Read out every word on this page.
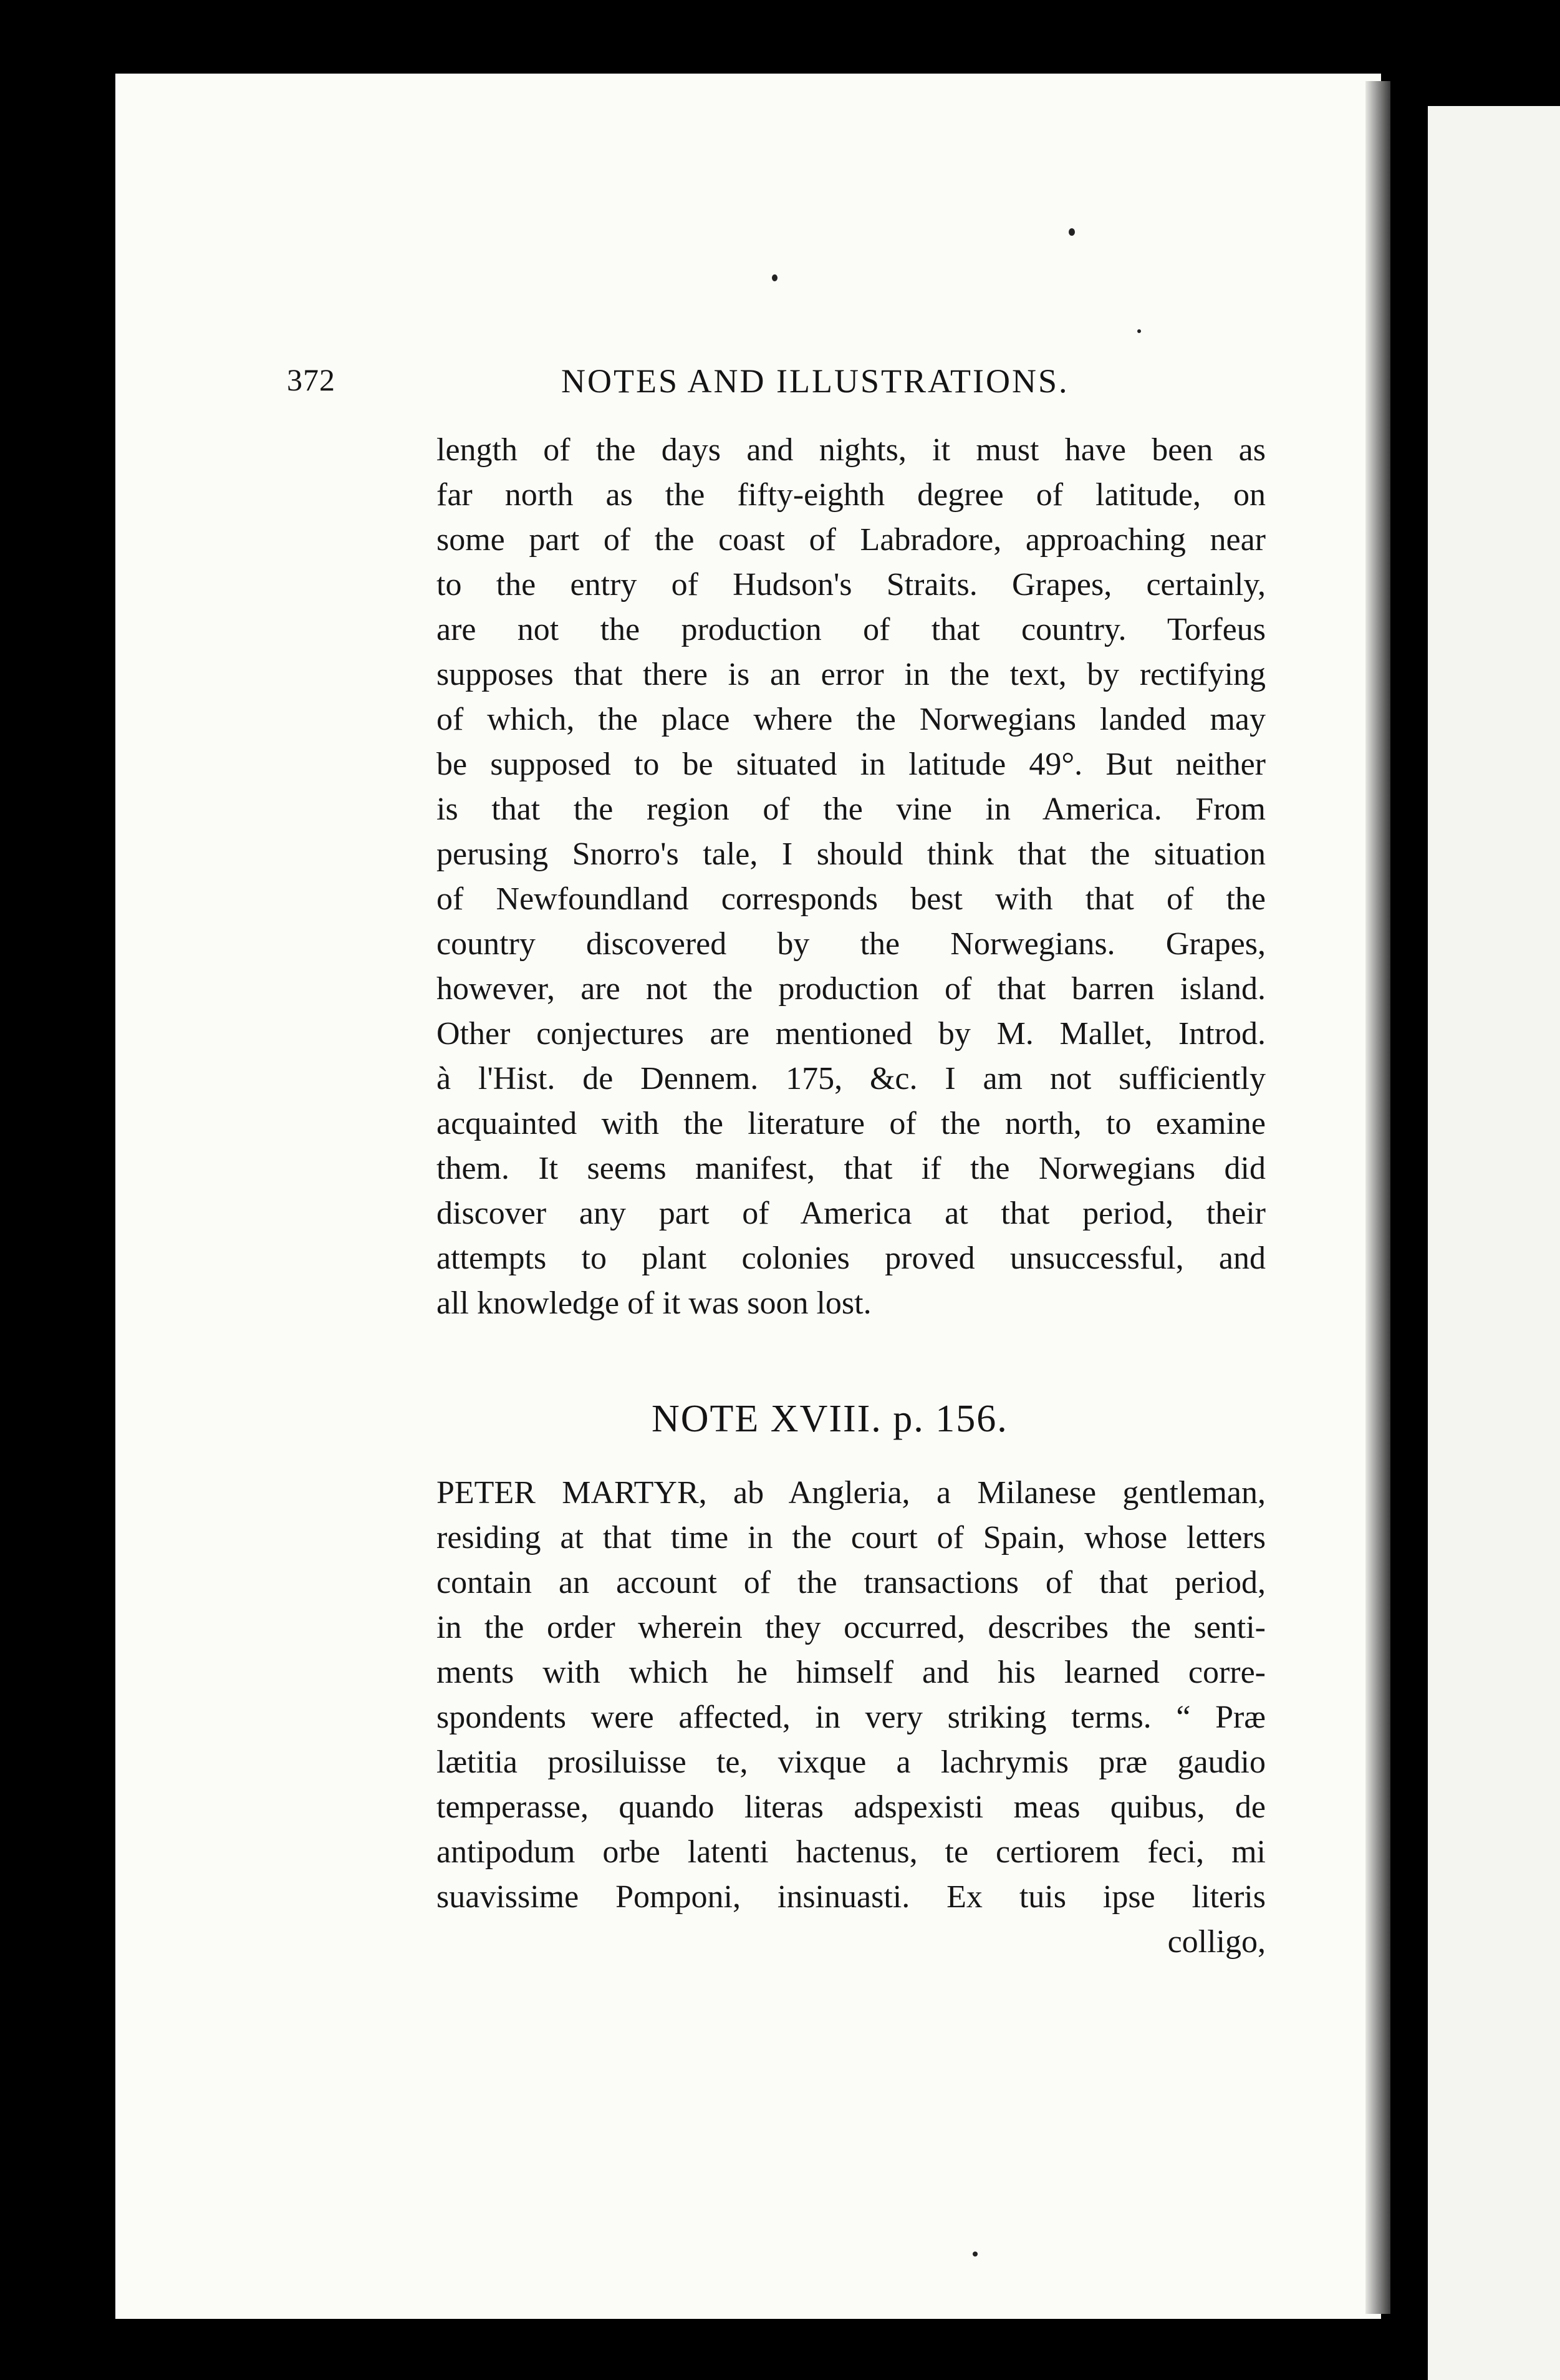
372	NOTES AND ILLUSTRATIONS.
length of the days and nights, it must have been as
far north as the fifty-eighth degree of latitude, on
some part of the coast of Labradore, approaching near
to the entry of Hudson's Straits. Grapes, certainly,
are not the production of that country. Torfeus
supposes that there is an error in the text, by rectifying
of which, the place where the Norwegians landed may
be supposed to be situated in latitude 49°. But neither
is that the region of the vine in America. From
perusing Snorro's tale, I should think that the situation
of Newfoundland corresponds best with that of the
country discovered by the Norwegians. Grapes,
however, are not the production of that barren island.
Other conjectures are mentioned by M. Mallet, Introd.
à l'Hist. de Dennem. 175, &c. I am not sufficiently
acquainted with the literature of the north, to examine
them. It seems manifest, that if the Norwegians did
discover any part of America at that period, their
attempts to plant colonies proved unsuccessful, and
all knowledge of it was soon lost.
NOTE XVIII. p. 156.
PETER MARTYR, ab Angleria, a Milanese gentleman,
residing at that time in the court of Spain, whose letters
contain an account of the transactions of that period,
in the order wherein they occurred, describes the senti-
ments with which he himself and his learned corre-
spondents were affected, in very striking terms. “ Præ
lætitia prosiluisse te, vixque a lachrymis præ gaudio
temperasse, quando literas adspexisti meas quibus, de
antipodum orbe latenti hactenus, te certiorem feci, mi
suavissime Pomponi, insinuasti. Ex tuis ipse literis
colligo,
